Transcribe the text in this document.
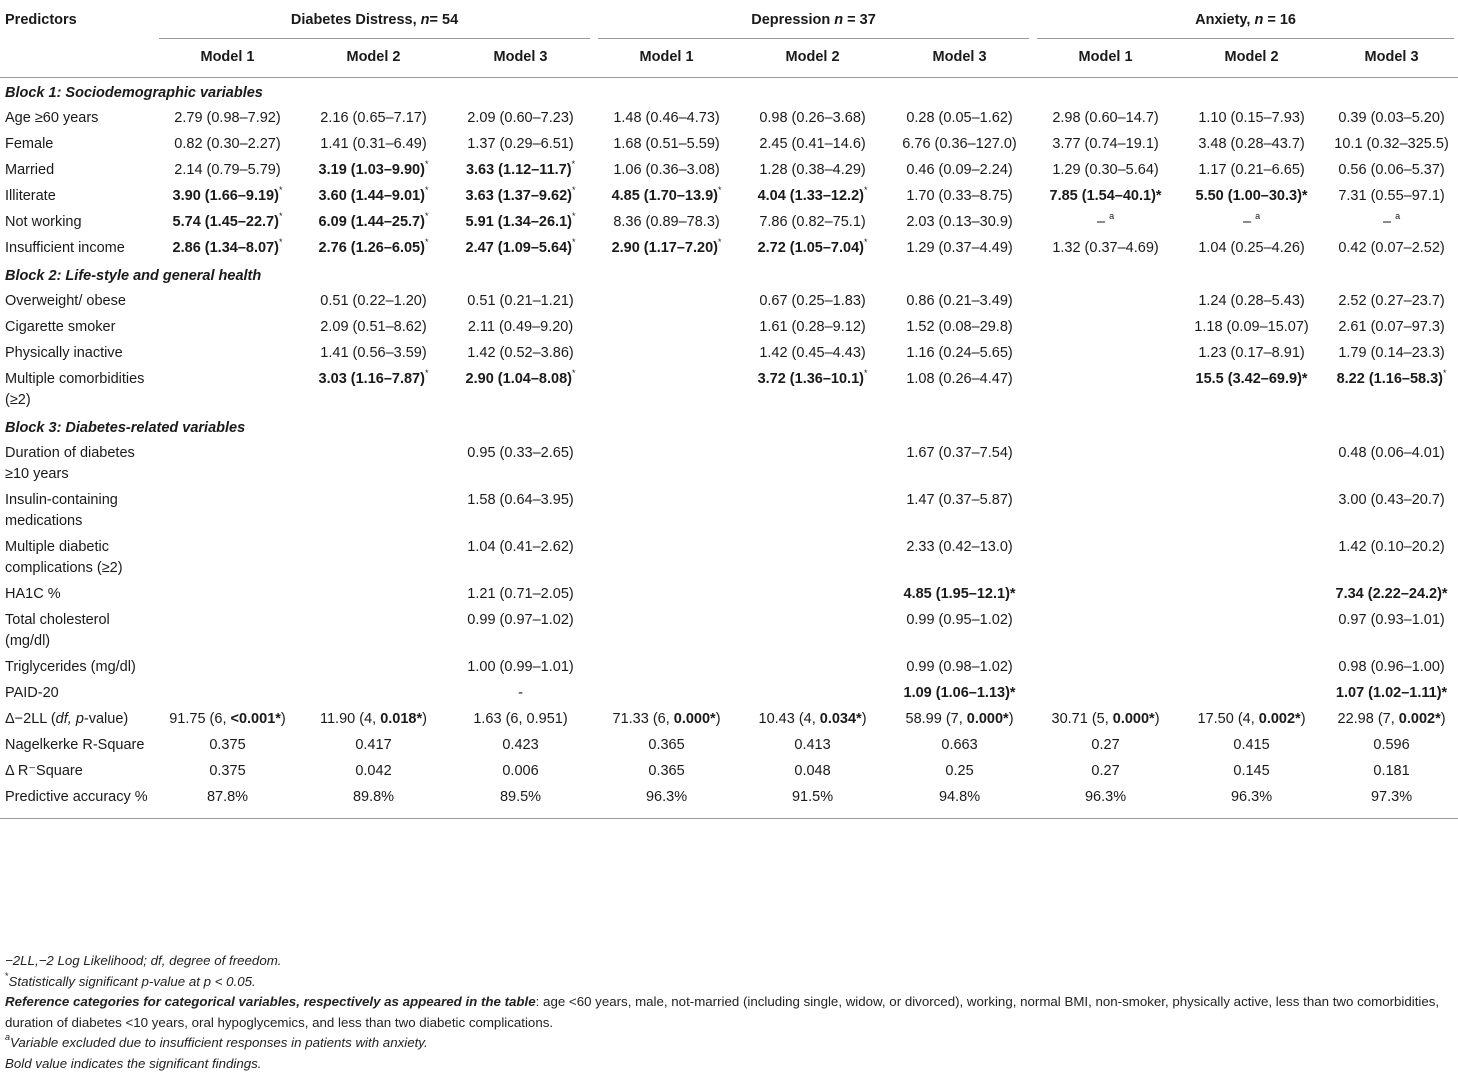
Predictors	Diabetes Distress, n= 54			Depression n = 37			Anxiety, n = 16		

	Model 1	Model 2	Model 3	Model 1	Model 2	Model 3	Model 1	Model 2	Model 3
Block 1: Sociodemographic variables									
Age ≥60 years	2.79 (0.98–7.92)	2.16 (0.65–7.17)	2.09 (0.60–7.23)	1.48 (0.46–4.73)	0.98 (0.26–3.68)	0.28 (0.05–1.62)	2.98 (0.60–14.7)	1.10 (0.15–7.93)	0.39 (0.03–5.20)
Female	0.82 (0.30–2.27)	1.41 (0.31–6.49)	1.37 (0.29–6.51)	1.68 (0.51–5.59)	2.45 (0.41–14.6)	6.76 (0.36–127.0)	3.77 (0.74–19.1)	3.48 (0.28–43.7)	10.1 (0.32–325.5)
Married	2.14 (0.79–5.79)	3.19 (1.03–9.90)*	3.63 (1.12–11.7)*	1.06 (0.36–3.08)	1.28 (0.38–4.29)	0.46 (0.09–2.24)	1.29 (0.30–5.64)	1.17 (0.21–6.65)	0.56 (0.06–5.37)
Illiterate	3.90 (1.66–9.19)*	3.60 (1.44–9.01)*	3.63 (1.37–9.62)*	4.85 (1.70–13.9)*	4.04 (1.33–12.2)*	1.70 (0.33–8.75)	7.85 (1.54–40.1)*	5.50 (1.00–30.3)*	7.31 (0.55–97.1)
Not working	5.74 (1.45–22.7)*	6.09 (1.44–25.7)*	5.91 (1.34–26.1)*	8.36 (0.89–78.3)	7.86 (0.82–75.1)	2.03 (0.13–30.9)	– $^a$	– $^a$	– $^a$
Insufficient income	2.86 (1.34–8.07)*	2.76 (1.26–6.05)*	2.47 (1.09–5.64)*	2.90 (1.17–7.20)*	2.72 (1.05–7.04)*	1.29 (0.37–4.49)	1.32 (0.37–4.69)	1.04 (0.25–4.26)	0.42 (0.07–2.52)
Block 2: Life-style and general health									
Overweight/ obese		0.51 (0.22–1.20)	0.51 (0.21–1.21)		0.67 (0.25–1.83)	0.86 (0.21–3.49)		1.24 (0.28–5.43)	2.52 (0.27–23.7)
Cigarette smoker		2.09 (0.51–8.62)	2.11 (0.49–9.20)		1.61 (0.28–9.12)	1.52 (0.08–29.8)		1.18 (0.09–15.07)	2.61 (0.07–97.3)
Physically inactive		1.41 (0.56–3.59)	1.42 (0.52–3.86)		1.42 (0.45–4.43)	1.16 (0.24–5.65)		1.23 (0.17–8.91)	1.79 (0.14–23.3)
Multiple comorbidities (≥2)		3.03 (1.16–7.87)*	2.90 (1.04–8.08)*		3.72 (1.36–10.1)*	1.08 (0.26–4.47)		15.5 (3.42–69.9)*	8.22 (1.16–58.3)*
Block 3: Diabetes-related variables									
Duration of diabetes ≥10 years			0.95 (0.33–2.65)			1.67 (0.37–7.54)			0.48 (0.06–4.01)
Insulin-containing medications			1.58 (0.64–3.95)			1.47 (0.37–5.87)			3.00 (0.43–20.7)
Multiple diabetic complications (≥2)			1.04 (0.41–2.62)			2.33 (0.42–13.0)			1.42 (0.10–20.2)
HA1C %			1.21 (0.71–2.05)			4.85 (1.95–12.1)*			7.34 (2.22–24.2)*
Total cholesterol (mg/dl)			0.99 (0.97–1.02)			0.99 (0.95–1.02)			0.97 (0.93–1.01)
Triglycerides (mg/dl)			1.00 (0.99–1.01)			0.99 (0.98–1.02)			0.98 (0.96–1.00)
PAID-20			-			1.09 (1.06–1.13)*			1.07 (1.02–1.11)*
Δ−2LL (df, p-value)	91.75 (6, <0.001*)	11.90 (4, 0.018*)	1.63 (6, 0.951)	71.33 (6, 0.000*)	10.43 (4, 0.034*)	58.99 (7, 0.000*)	30.71 (5, 0.000*)	17.50 (4, 0.002*)	22.98 (7, 0.002*)
Nagelkerke R-Square	0.375	0.417	0.423	0.365	0.413	0.663	0.27	0.415	0.596
Δ R⁻Square	0.375	0.042	0.006	0.365	0.048	0.25	0.27	0.145	0.181
Predictive accuracy %	87.8%	89.8%	89.5%	96.3%	91.5%	94.8%	96.3%	96.3%	97.3%
−2LL,−2 Log Likelihood; df, degree of freedom.
*Statistically significant p-value at p < 0.05.
Reference categories for categorical variables, respectively as appeared in the table: age <60 years, male, not-married (including single, widow, or divorced), working, normal BMI, non-smoker, physically active, less than two comorbidities, duration of diabetes <10 years, oral hypoglycemics, and less than two diabetic complications.
$^a$Variable excluded due to insufficient responses in patients with anxiety.
Bold value indicates the significant findings.
